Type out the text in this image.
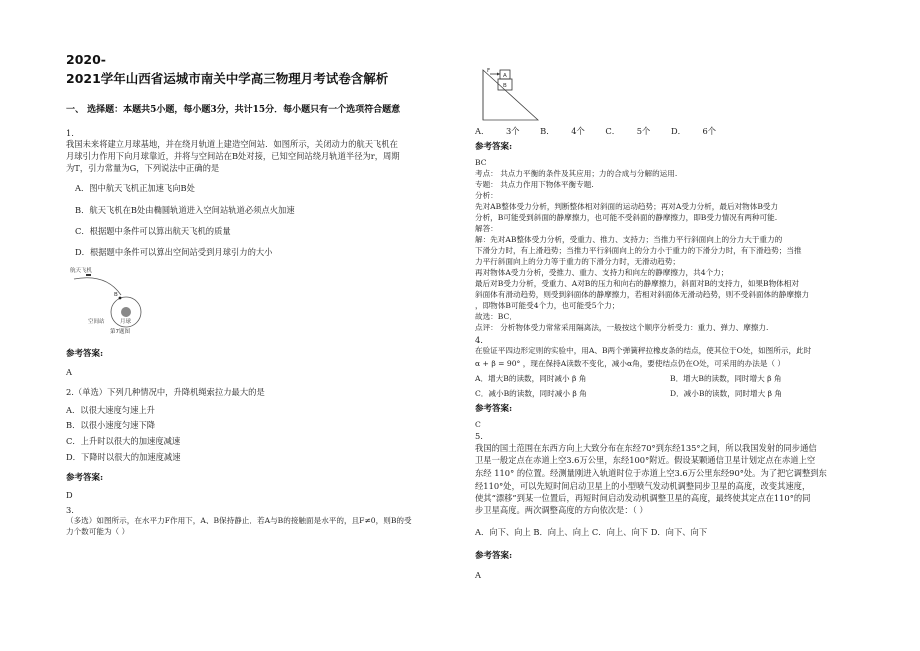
2020-
2021学年山西省运城市南关中学高三物理月考试卷含解析
一、 选择题：本题共5小题，每小题3分，共计15分．每小题只有一个选项符合题意
1.
我国未来将建立月球基地，并在绕月轨道上建造空间站．如图所示，关闭动力的航天飞机在
月球引力作用下向月球靠近，并将与空间站在B处对接，已知空间站绕月轨道半径为r，周期
为T，引力常量为G，下列说法中正确的是
A．图中航天飞机正加速飞向B处
B．航天飞机在B处由椭圆轨道进入空间站轨道必须点火加速
C．根据题中条件可以算出航天飞机的质量
D．根据题中条件可以算出空间站受到月球引力的大小
航天飞机
B
空间站	月球
第7题图
参考答案:
A
2.（单选）下列几种情况中，升降机绳索拉力最大的是
A．以很大速度匀速上升
B．以很小速度匀速下降
C．上升时以很大的加速度减速
D．下降时以很大的加速度减速
参考答案:
D
3.
（多选）如图所示，在水平力F作用下，A、B保持静止．若A与B的接触面是水平的，且F≠0，则B的受
力个数可能为（ ）
F
A
B
A． 3个 B． 4个 C． 5个 D． 6个
参考答案:
BC
考点： 共点力平衡的条件及其应用；力的合成与分解的运用.
专题： 共点力作用下物体平衡专题.
分析：
先对AB整体受力分析，判断整体相对斜面的运动趋势；再对A受力分析，最后对物体B受力
分析，B可能受到斜面的静摩擦力，也可能不受斜面的静摩擦力，即B受力情况有两种可能.
解答：
解：先对AB整体受力分析，受重力、推力、支持力；当推力平行斜面向上的分力大于重力的
下滑分力时，有上滑趋势；当推力平行斜面向上的分力小于重力的下滑分力时，有下滑趋势；当推
力平行斜面向上的分力等于重力的下滑分力时，无滑动趋势；
再对物体A受力分析，受推力、重力、支持力和向左的静摩擦力，共4个力；
最后对B受力分析，受重力、A对B的压力和向右的静摩擦力，斜面对B的支持力，如果B物体相对
斜面体有滑动趋势，则受到斜面体的静摩擦力，若相对斜面体无滑动趋势，则不受斜面体的静摩擦力
，即物体B可能受4个力，也可能受5个力；
故选：BC．
点评： 分析物体受力常常采用隔离法，一般按这个顺序分析受力：重力、弹力、摩擦力.
4.
在验证平四边形定则的实验中，用A、B两个弹簧秤拉橡皮条的结点，使其位于O处，如图所示，此时
α + β = 90° ，现在保持A读数不变化，减小α角，要使结点仍在O处，可采用的办法是（ ）
A．增大B的读数，同时减小 β 角	B．增大B的读数，同时增大 β 角
C．减小B的读数，同时减小 β 角	D．减小B的读数，同时增大 β 角
参考答案:
C
5.
我国的国土范围在东西方向上大致分布在东经70°到东经135°之间，所以我国发射的同步通信
卫星一般定点在赤道上空3.6万公里，东经100°附近。假设某颗通信卫星计划定点在赤道上空
东经 110° 的位置。经测量刚进入轨道时位于赤道上空3.6万公里东经90°处。为了把它调整到东
经110°处，可以先短时间启动卫星上的小型喷气发动机调整同步卫星的高度，改变其速度，
使其“漂移”到某一位置后，再短时间启动发动机调整卫星的高度，最终使其定点在110°的同
步卫星高度。两次调整高度的方向依次是：（ ）
A．向下、向上 B．向上、向上 C．向上、向下 D．向下、向下
参考答案:
A
